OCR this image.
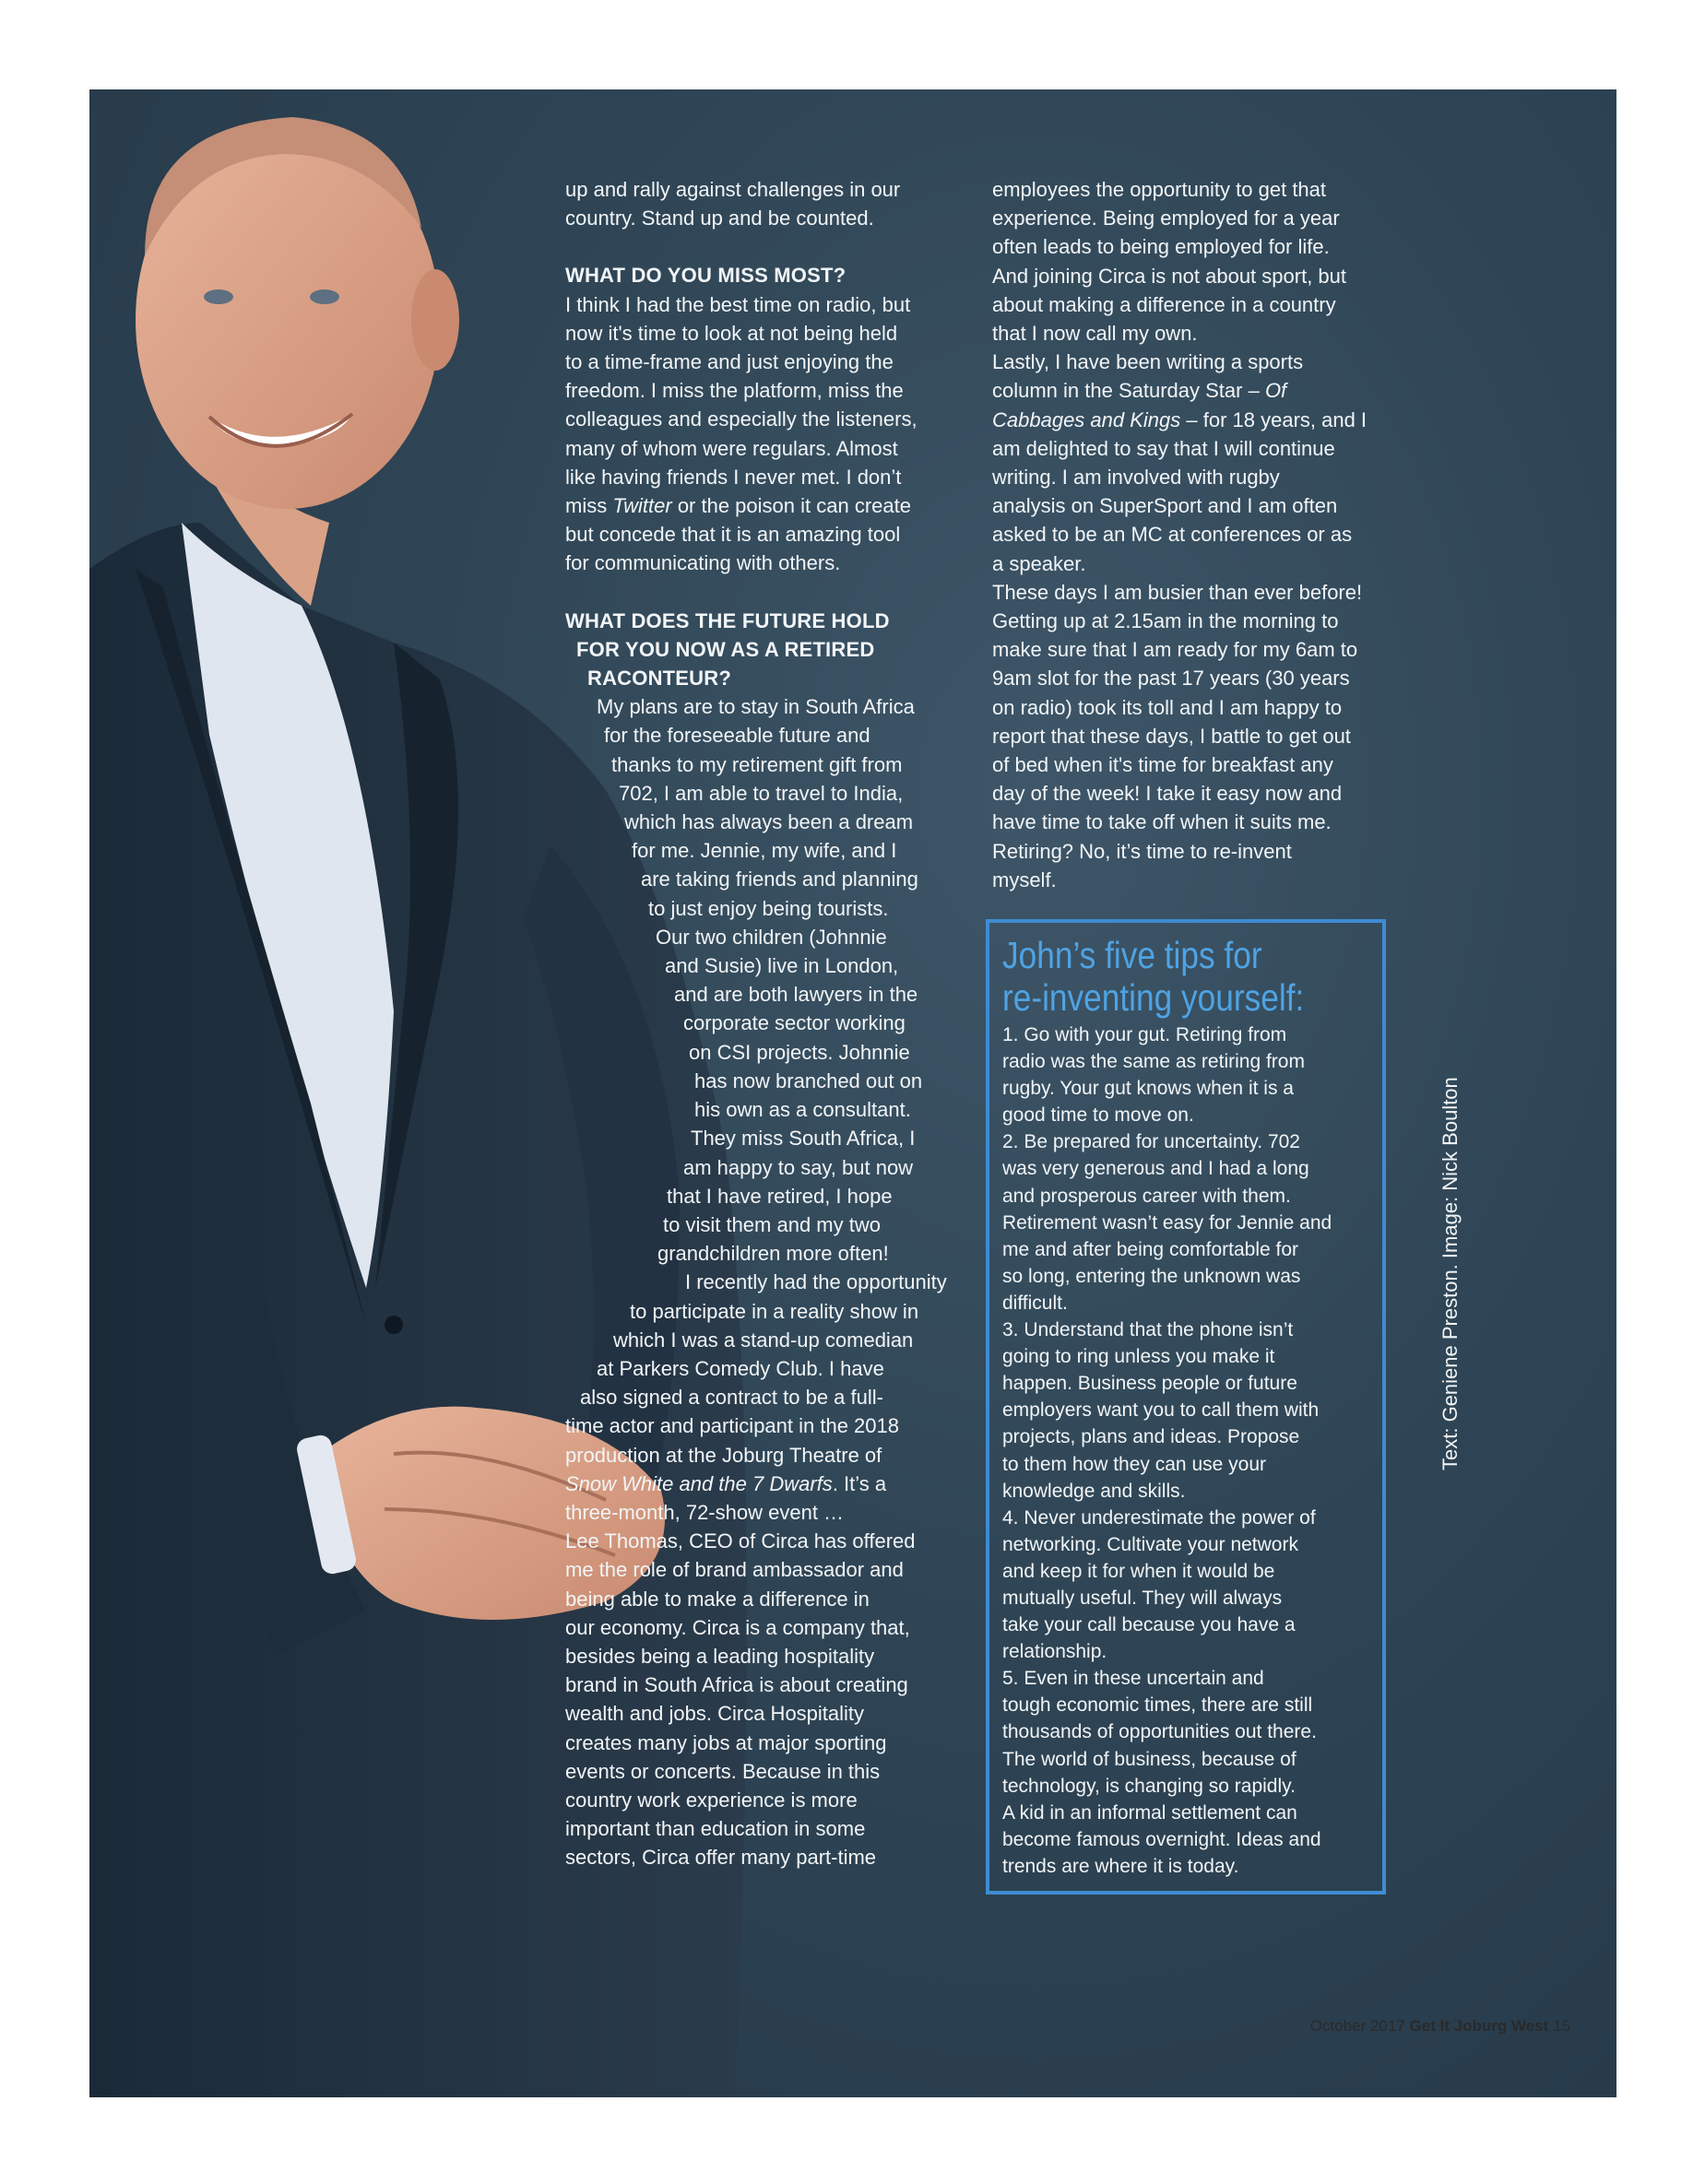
up and rally against challenges in our

country. Stand up and be counted.

WHAT DO YOU MISS MOST?

I think I had the best time on radio, but

now it's time to look at not being held

to a time-frame and just enjoying the

freedom. I miss the platform, miss the

colleagues and especially the listeners,

many of whom were regulars. Almost

like having friends I never met. I don’t

miss Twitter or the poison it can create

but concede that it is an amazing tool

for communicating with others.

WHAT DOES THE FUTURE HOLD

FOR YOU NOW AS A RETIRED

RACONTEUR?

My plans are to stay in South Africa

for the foreseeable future and

thanks to my retirement gift from

702, I am able to travel to India,

which has always been a dream

for me. Jennie, my wife, and I

are taking friends and planning

to just enjoy being tourists.

Our two children (Johnnie

and Susie) live in London,

and are both lawyers in the

corporate sector working

on CSI projects. Johnnie

has now branched out on

his own as a consultant.

They miss South Africa, I

am happy to say, but now

that I have retired, I hope

to visit them and my two

grandchildren more often!

I recently had the opportunity

to participate in a reality show in

which I was a stand-up comedian

at Parkers Comedy Club. I have

also signed a contract to be a full-

time actor and participant in the 2018

production at the Joburg Theatre of

Snow White and the 7 Dwarfs. It’s a

three-month, 72-show event …

Lee Thomas, CEO of Circa has offered

me the role of brand ambassador and

being able to make a difference in

our economy. Circa is a company that,

besides being a leading hospitality

brand in South Africa is about creating

wealth and jobs. Circa Hospitality

creates many jobs at major sporting

events or concerts. Because in this

country work experience is more

important than education in some

sectors, Circa offer many part-time

employees the opportunity to get that

experience. Being employed for a year

often leads to being employed for life.

And joining Circa is not about sport, but

about making a difference in a country

that I now call my own.

Lastly, I have been writing a sports

column in the Saturday Star – Of

Cabbages and Kings – for 18 years, and I

am delighted to say that I will continue

writing. I am involved with rugby

analysis on SuperSport and I am often

asked to be an MC at conferences or as

a speaker.

These days I am busier than ever before!

Getting up at 2.15am in the morning to

make sure that I am ready for my 6am to

9am slot for the past 17 years (30 years

on radio) took its toll and I am happy to

report that these days, I battle to get out

of bed when it's time for breakfast any

day of the week! I take it easy now and

have time to take off when it suits me.

Retiring? No, it’s time to re-invent

myself.

John’s five tips for

re-inventing yourself:

1. Go with your gut. Retiring from

radio was the same as retiring from

rugby. Your gut knows when it is a

good time to move on.

2. Be prepared for uncertainty. 702

was very generous and I had a long

and prosperous career with them.

Retirement wasn’t easy for Jennie and

me and after being comfortable for

so long, entering the unknown was

difficult.

3. Understand that the phone isn’t

going to ring unless you make it

happen. Business people or future

employers want you to call them with

projects, plans and ideas. Propose

to them how they can use your

knowledge and skills.

4. Never underestimate the power of

networking. Cultivate your network

and keep it for when it would be

mutually useful. They will always

take your call because you have a

relationship.

5. Even in these uncertain and

tough economic times, there are still

thousands of opportunities out there.

The world of business, because of

technology, is changing so rapidly.

A kid in an informal settlement can

become famous overnight. Ideas and

trends are where it is today.

Text: Geniene Preston. Image: Nick Boulton
October 2017 Get It Joburg West 15
